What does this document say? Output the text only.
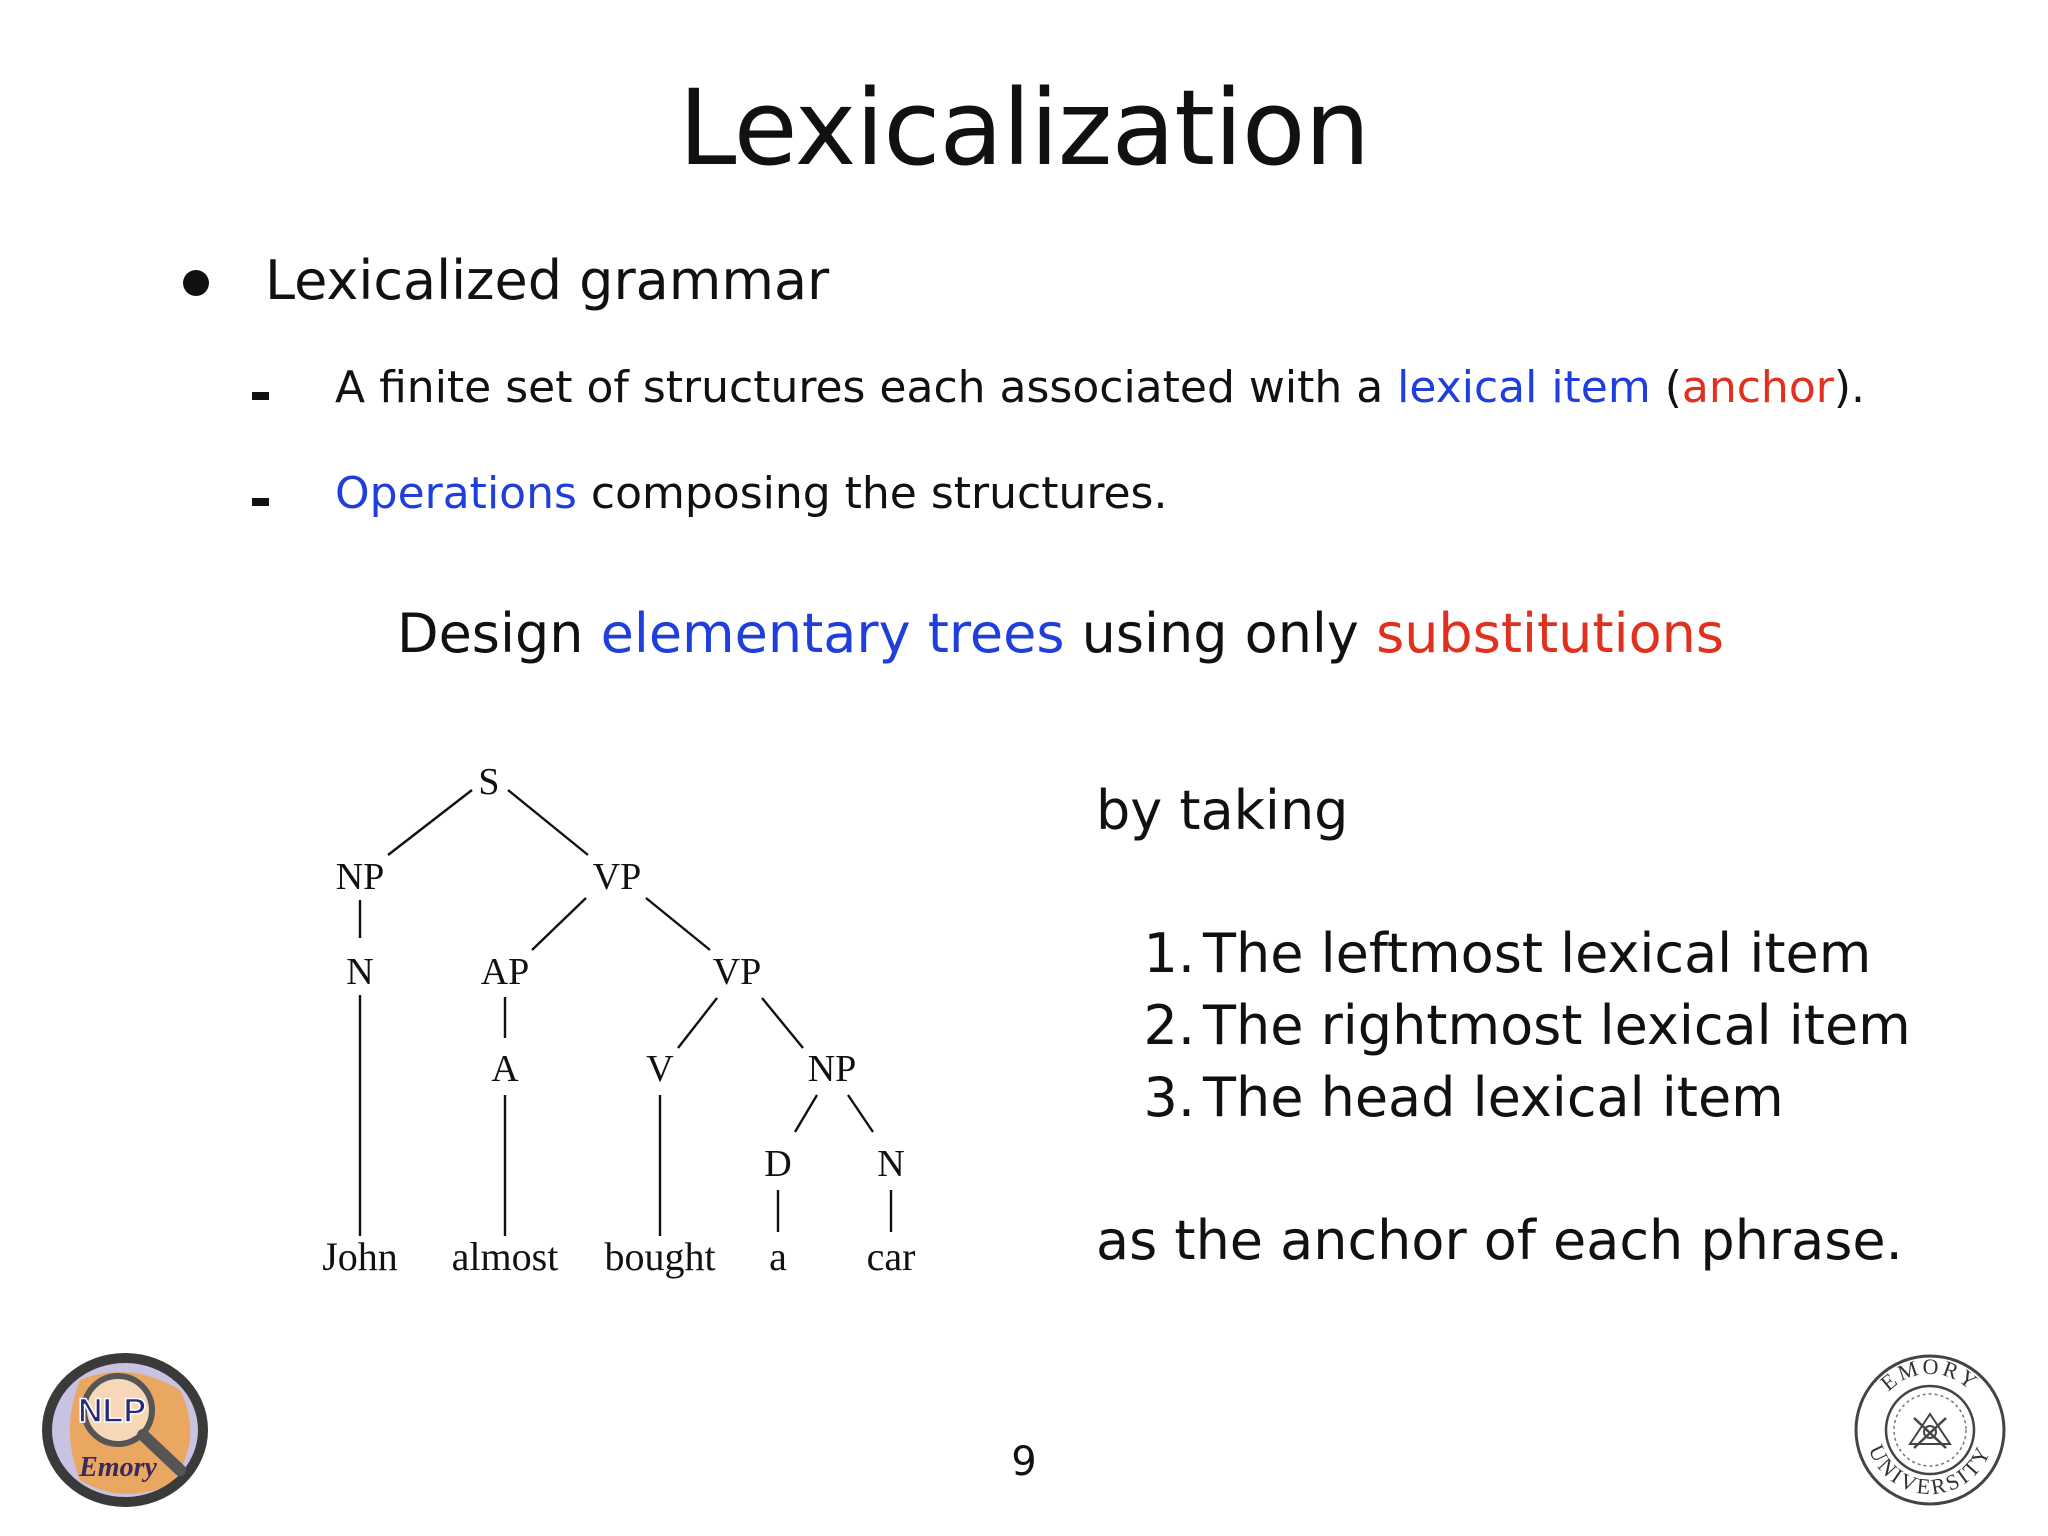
Lexicalization
Lexicalized grammar
A finite set of structures each associated with a lexical item (anchor).
Operations composing the structures.
Design elementary trees using only substitutions
S
NP	VP
N	AP	VP
A	V	NP
D N
John almost bought a car
by taking
1. The leftmost lexical item
2. The rightmost lexical item
3. The head lexical item
as the anchor of each phrase.
9
NLP
Emory
EMORY
UNIVERSITY
